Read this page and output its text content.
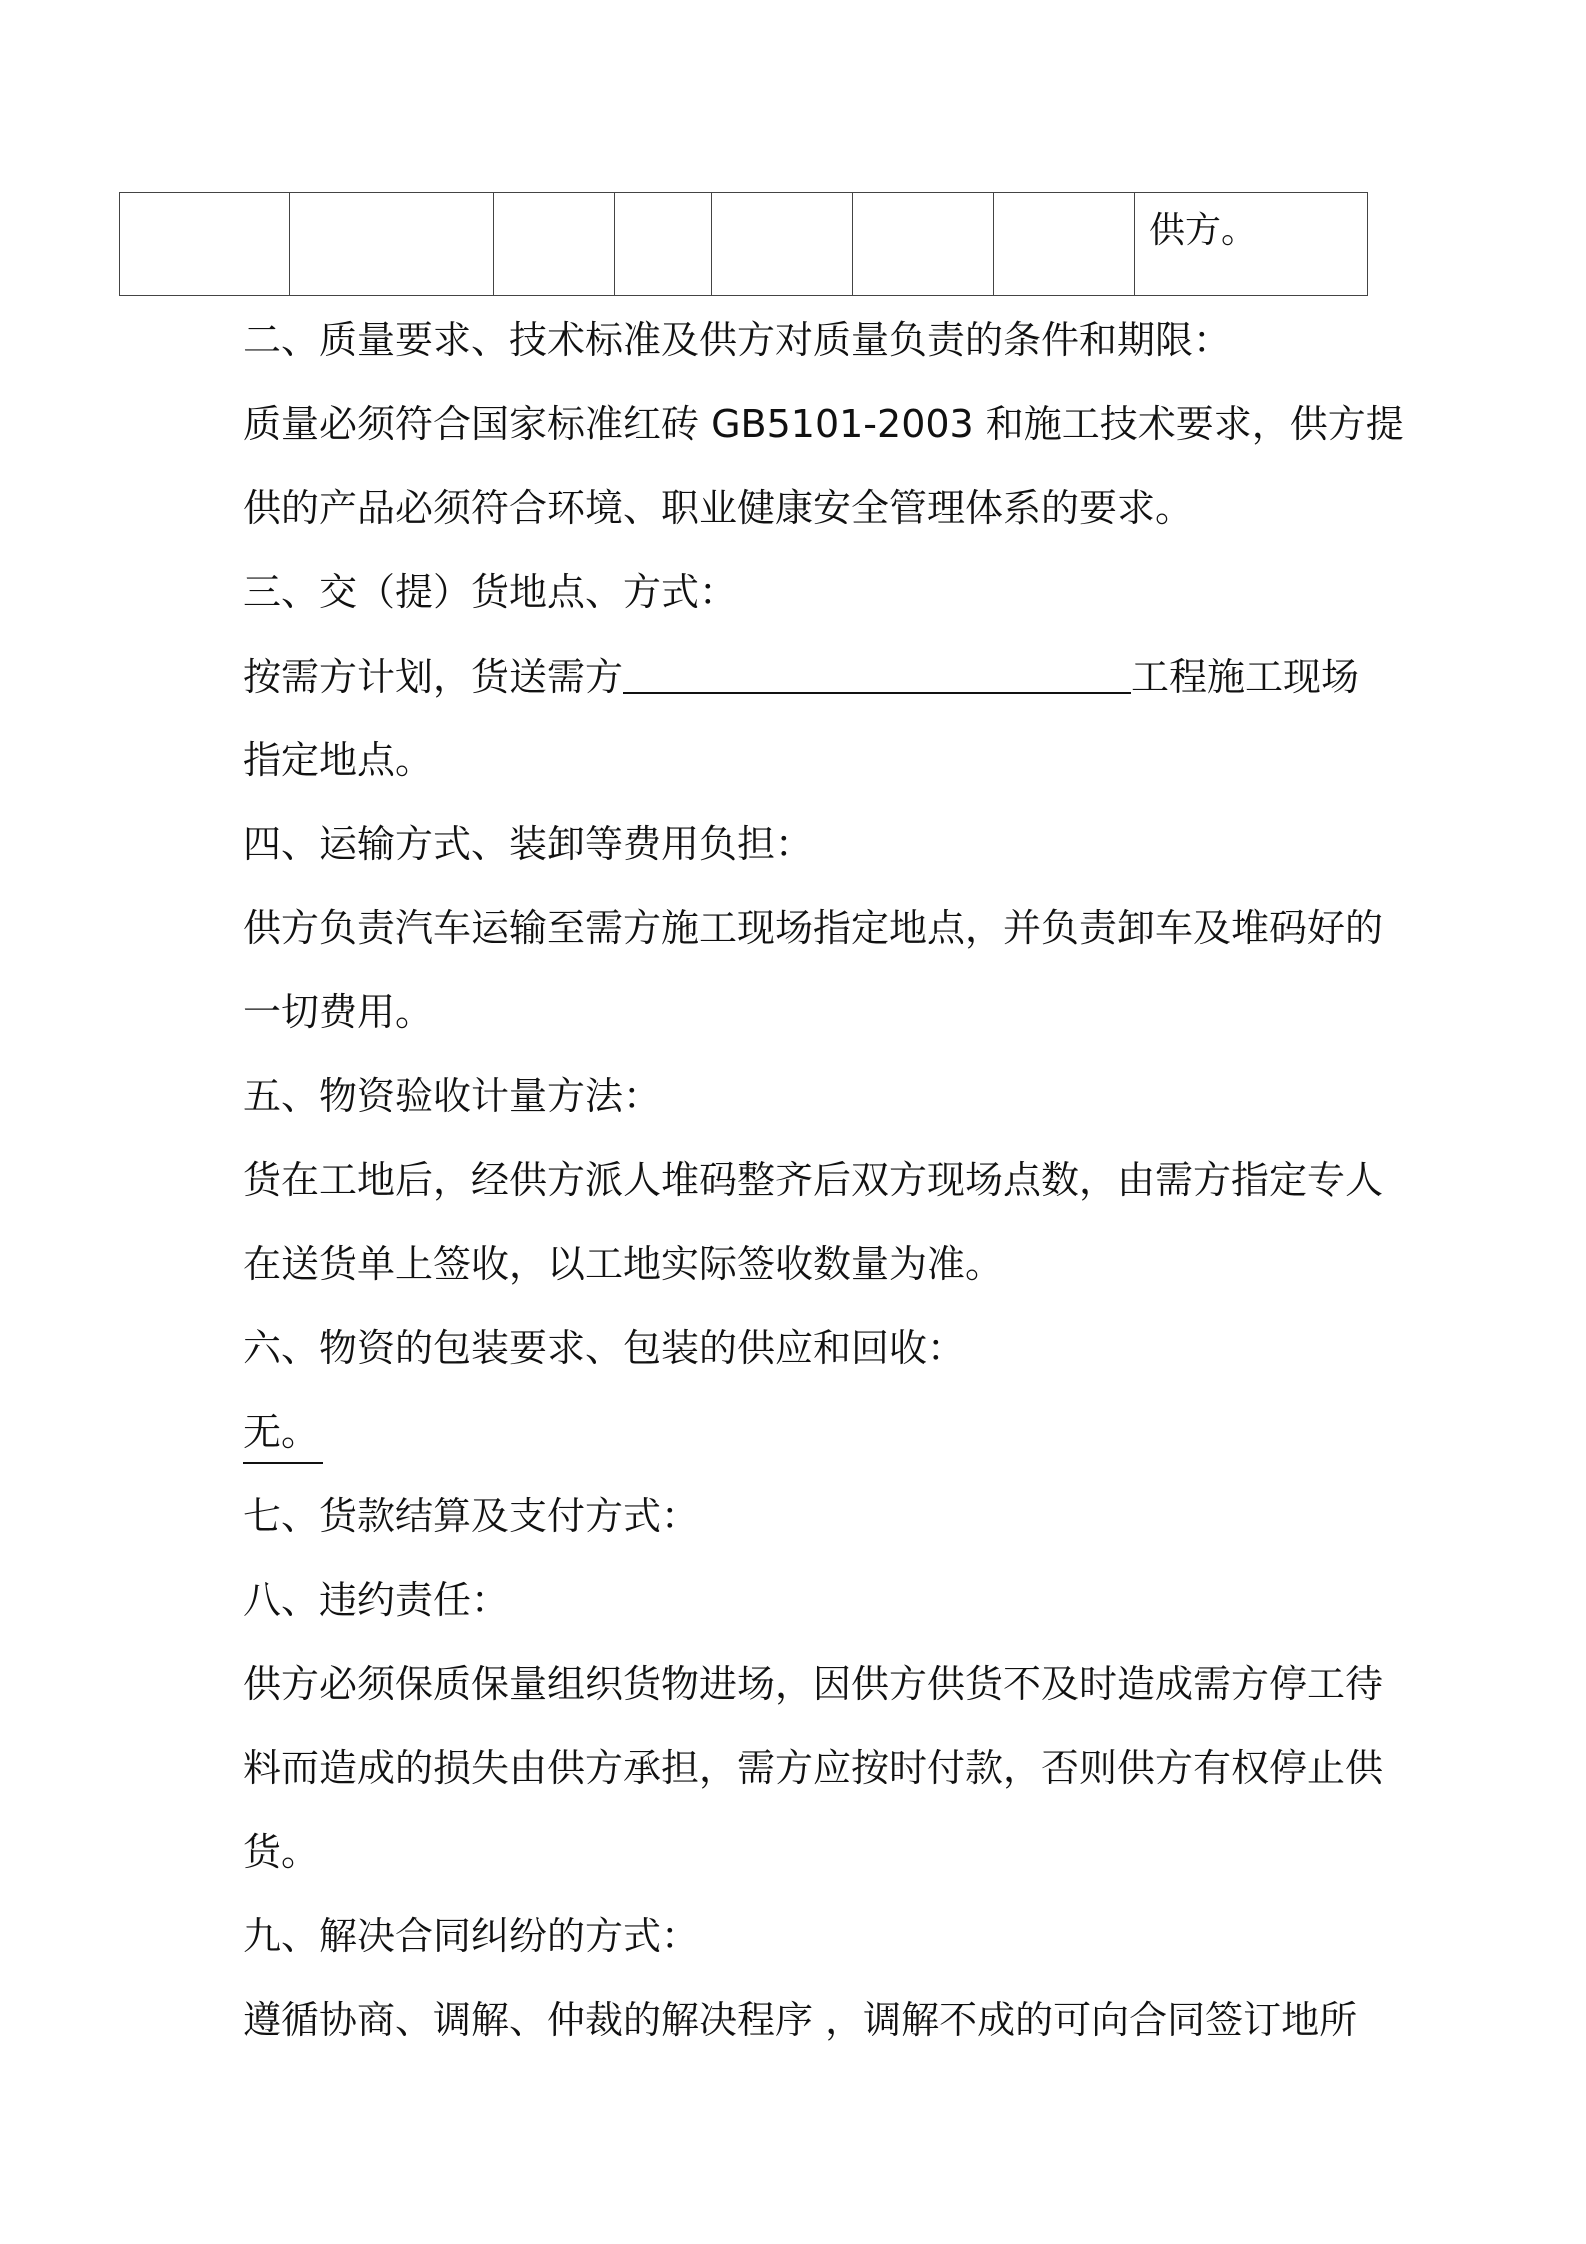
供方。
二、质量要求、技术标准及供方对质量负责的条件和期限：
质量必须符合国家标准红砖 GB5101-2003 和施工技术要求，供方提
供的产品必须符合环境、职业健康安全管理体系的要求。
三、交（提）货地点、方式：
按需方计划，货送需方	工程施工现场
指定地点。
四、运输方式、装卸等费用负担：
供方负责汽车运输至需方施工现场指定地点，并负责卸车及堆码好的
一切费用。
五、物资验收计量方法：
货在工地后，经供方派人堆码整齐后双方现场点数，由需方指定专人
在送货单上签收，以工地实际签收数量为准。
六、物资的包装要求、包装的供应和回收：
无。
七、货款结算及支付方式：
八、违约责任：
供方必须保质保量组织货物进场，因供方供货不及时造成需方停工待
料而造成的损失由供方承担，需方应按时付款，否则供方有权停止供
货。
九、解决合同纠纷的方式：
遵循协商、调解、仲裁的解决程序 ，调解不成的可向合同签订地所
